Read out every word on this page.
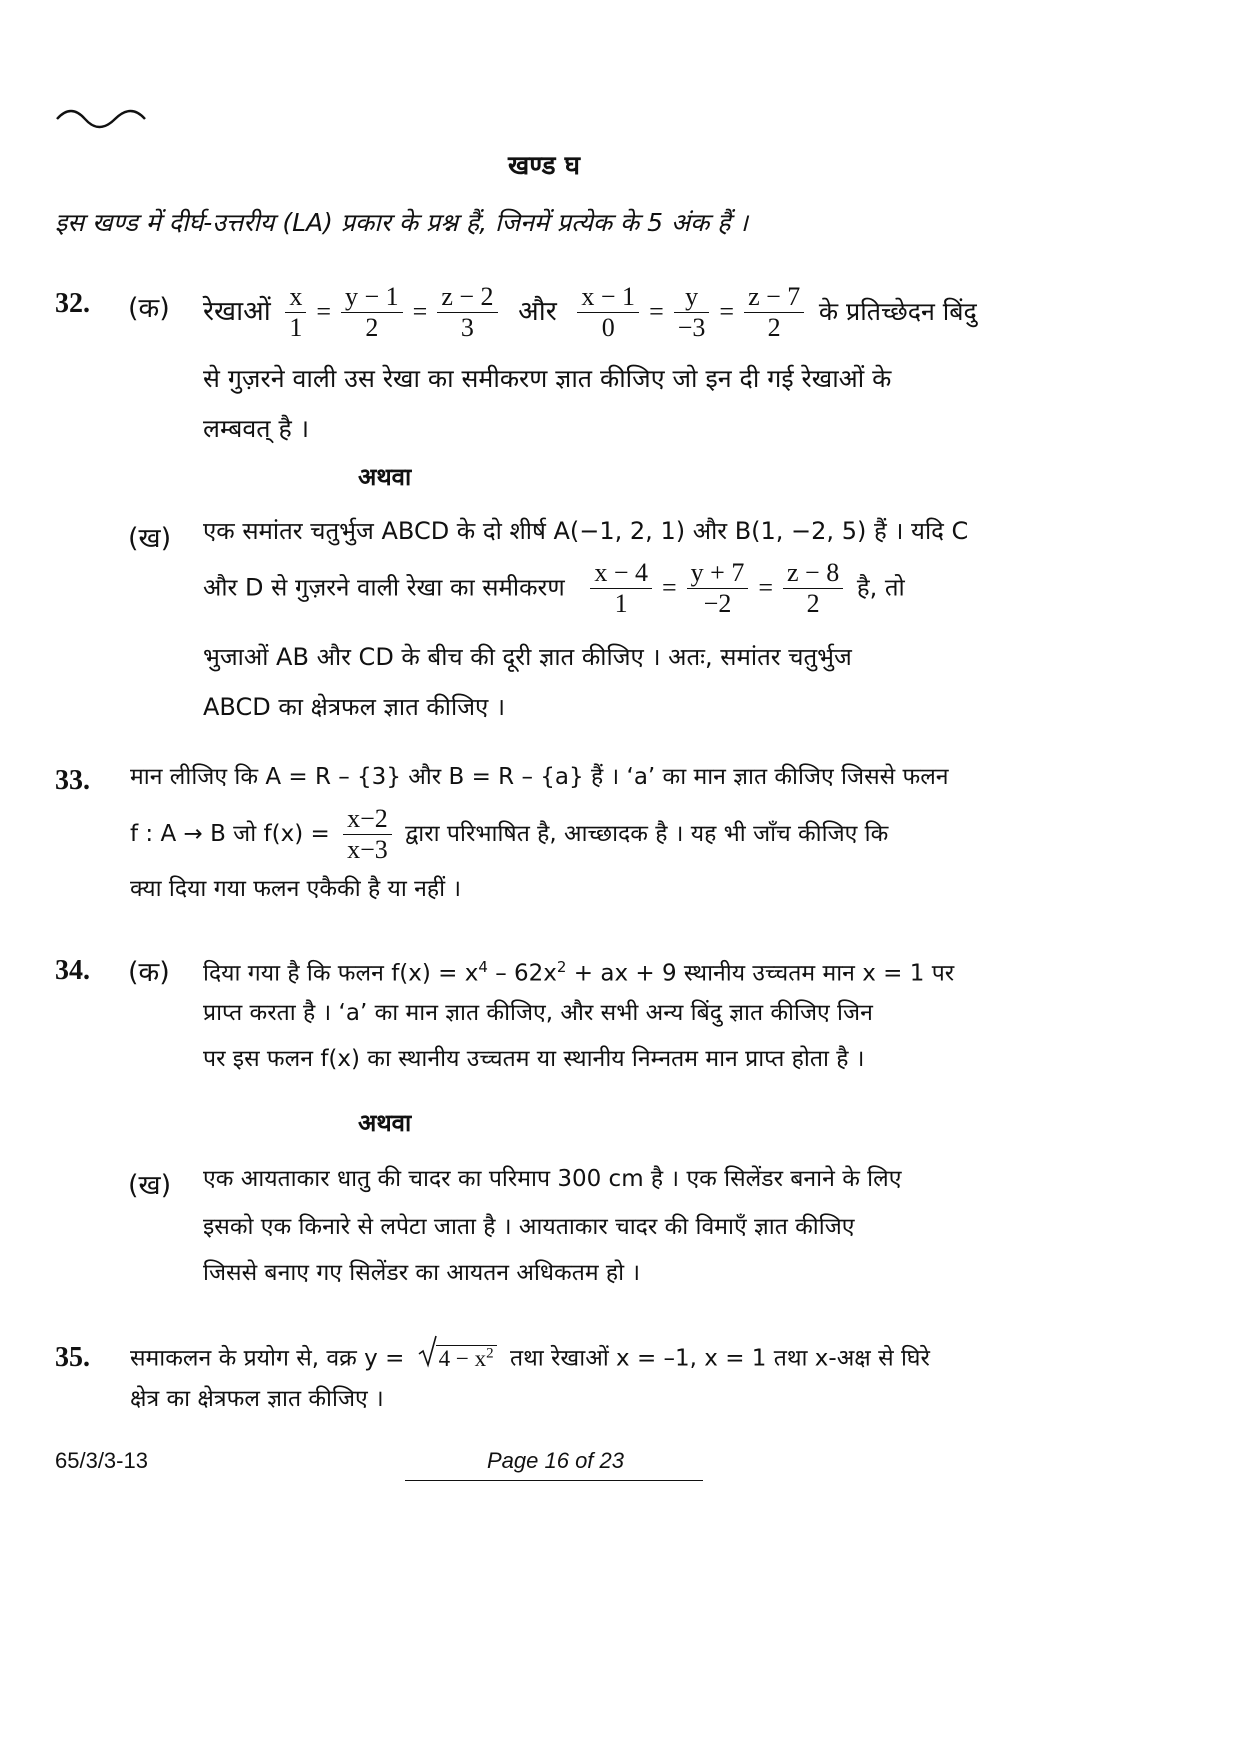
खण्ड घ
इस खण्ड में दीर्घ-उत्तरीय (LA) प्रकार के प्रश्न हैं, जिनमें प्रत्येक के 5 अंक हैं ।
32. (क) रेखाओं $\frac{x}{1} = \frac{y - 1}{2} = \frac{z - 2}{3}$ और $\frac{x - 1}{0} = \frac{y}{-3} = \frac{z - 7}{2}$ के प्रतिच्छेदन बिंदु
से गुज़रने वाली उस रेखा का समीकरण ज्ञात कीजिए जो इन दी गई रेखाओं के
लम्बवत् है ।
अथवा
(ख) एक समांतर चतुर्भुज ABCD के दो शीर्ष A(−1, 2, 1) और B(1, −2, 5) हैं । यदि C
और D से गुज़रने वाली रेखा का समीकरण $\frac{x - 4}{1} = \frac{y + 7}{-2} = \frac{z - 8}{2}$ है, तो
भुजाओं AB और CD के बीच की दूरी ज्ञात कीजिए । अतः, समांतर चतुर्भुज
ABCD का क्षेत्रफल ज्ञात कीजिए ।
33. मान लीजिए कि A = R – {3} और B = R – {a} हैं । ‘a’ का मान ज्ञात कीजिए जिससे फलन
f : A → B जो $f(x) = \frac{x-2}{x-3}$ द्वारा परिभाषित है, आच्छादक है । यह भी जाँच कीजिए कि
क्या दिया गया फलन एकैकी है या नहीं ।
34. (क) दिया गया है कि फलन $f(x) = x^4 - 62x^2$ + ax + 9 स्थानीय उच्चतम मान x = 1 पर
प्राप्त करता है । ‘a’ का मान ज्ञात कीजिए, और सभी अन्य बिंदु ज्ञात कीजिए जिन
पर इस फलन f(x) का स्थानीय उच्चतम या स्थानीय निम्नतम मान प्राप्त होता है ।
अथवा
(ख) एक आयताकार धातु की चादर का परिमाप 300 cm है । एक सिलेंडर बनाने के लिए
इसको एक किनारे से लपेटा जाता है । आयताकार चादर की विमाएँ ज्ञात कीजिए
जिससे बनाए गए सिलेंडर का आयतन अधिकतम हो ।
35. समाकलन के प्रयोग से, वक्र $y = 4 - x^2$ तथा रेखाओं x = –1, x = 1 तथा x-अक्ष से घिरे
क्षेत्र का क्षेत्रफल ज्ञात कीजिए ।
65/3/3-13	Page 16 of 23
